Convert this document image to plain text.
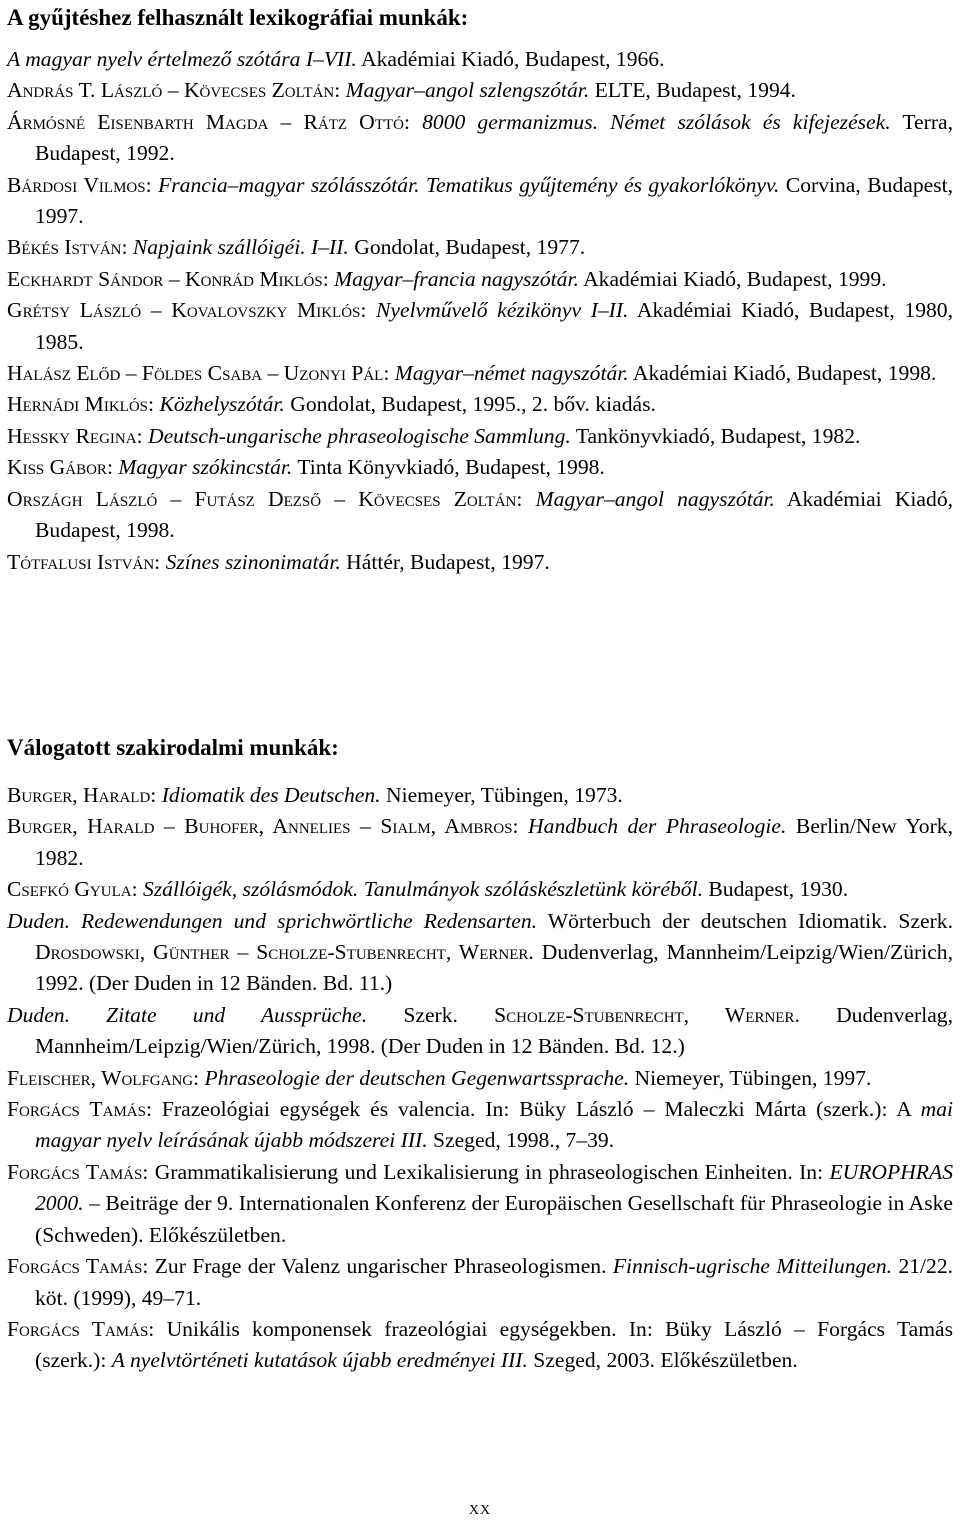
A gyűjtéshez felhasznált lexikográfiai munkák:

A magyar nyelv értelmező szótára I–VII. Akadémiai Kiadó, Budapest, 1966.

András T. László – Kövecses Zoltán: Magyar–angol szlengszótár. ELTE, Budapest, 1994.

Ármósné Eisenbarth Magda – Rátz Ottó: 8000 germanizmus. Német szólások és kifejezések. Terra, Budapest, 1992.

Bárdosi Vilmos: Francia–magyar szólásszótár. Tematikus gyűjtemény és gyakorlókönyv. Corvina, Budapest, 1997.

Békés István: Napjaink szállóigéi. I–II. Gondolat, Budapest, 1977.

Eckhardt Sándor – Konrád Miklós: Magyar–francia nagyszótár. Akadémiai Kiadó, Budapest, 1999.

Grétsy László – Kovalovszky Miklós: Nyelvművelő kézikönyv I–II. Akadémiai Kiadó, Budapest, 1980, 1985.

Halász Előd – Földes Csaba – Uzonyi Pál: Magyar–német nagyszótár. Akadémiai Kiadó, Budapest, 1998.

Hernádi Miklós: Közhelyszótár. Gondolat, Budapest, 1995., 2. bőv. kiadás.

Hessky Regina: Deutsch-ungarische phraseologische Sammlung. Tankönyvkiadó, Budapest, 1982.

Kiss Gábor: Magyar szókincstár. Tinta Könyvkiadó, Budapest, 1998.

Országh László – Futász Dezső – Kövecses Zoltán: Magyar–angol nagyszótár. Akadémiai Kiadó, Budapest, 1998.

Tótfalusi István: Színes szinonimatár. Háttér, Budapest, 1997.

Válogatott szakirodalmi munkák:

Burger, Harald: Idiomatik des Deutschen. Niemeyer, Tübingen, 1973.

Burger, Harald – Buhofer, Annelies – Sialm, Ambros: Handbuch der Phraseologie. Berlin/New York, 1982.

Csefkó Gyula: Szállóigék, szólásmódok. Tanulmányok szóláskészletünk köréből. Budapest, 1930.

Duden. Redewendungen und sprichwörtliche Redensarten. Wörterbuch der deutschen Idiomatik. Szerk. Drosdowski, Günther – Scholze-Stubenrecht, Werner. Dudenverlag, Mannheim/Leipzig/Wien/Zürich, 1992. (Der Duden in 12 Bänden. Bd. 11.)

Duden. Zitate und Aussprüche. Szerk. Scholze-Stubenrecht, Werner. Dudenverlag, Mannheim/Leipzig/Wien/Zürich, 1998. (Der Duden in 12 Bänden. Bd. 12.)

Fleischer, Wolfgang: Phraseologie der deutschen Gegenwartssprache. Niemeyer, Tübingen, 1997.

Forgács Tamás: Frazeológiai egységek és valencia. In: Büky László – Maleczki Márta (szerk.): A mai magyar nyelv leírásának újabb módszerei III. Szeged, 1998., 7–39.

Forgács Tamás: Grammatikalisierung und Lexikalisierung in phraseologischen Einheiten. In: EUROPHRAS 2000. – Beiträge der 9. Internationalen Konferenz der Europäischen Gesellschaft für Phraseologie in Aske (Schweden). Előkészületben.

Forgács Tamás: Zur Frage der Valenz ungarischer Phraseologismen. Finnisch-ugrische Mitteilungen. 21/22. köt. (1999), 49–71.

Forgács Tamás: Unikális komponensek frazeológiai egységekben. In: Büky László – Forgács Tamás (szerk.): A nyelvtörténeti kutatások újabb eredményei III. Szeged, 2003. Előkészületben.

xx
